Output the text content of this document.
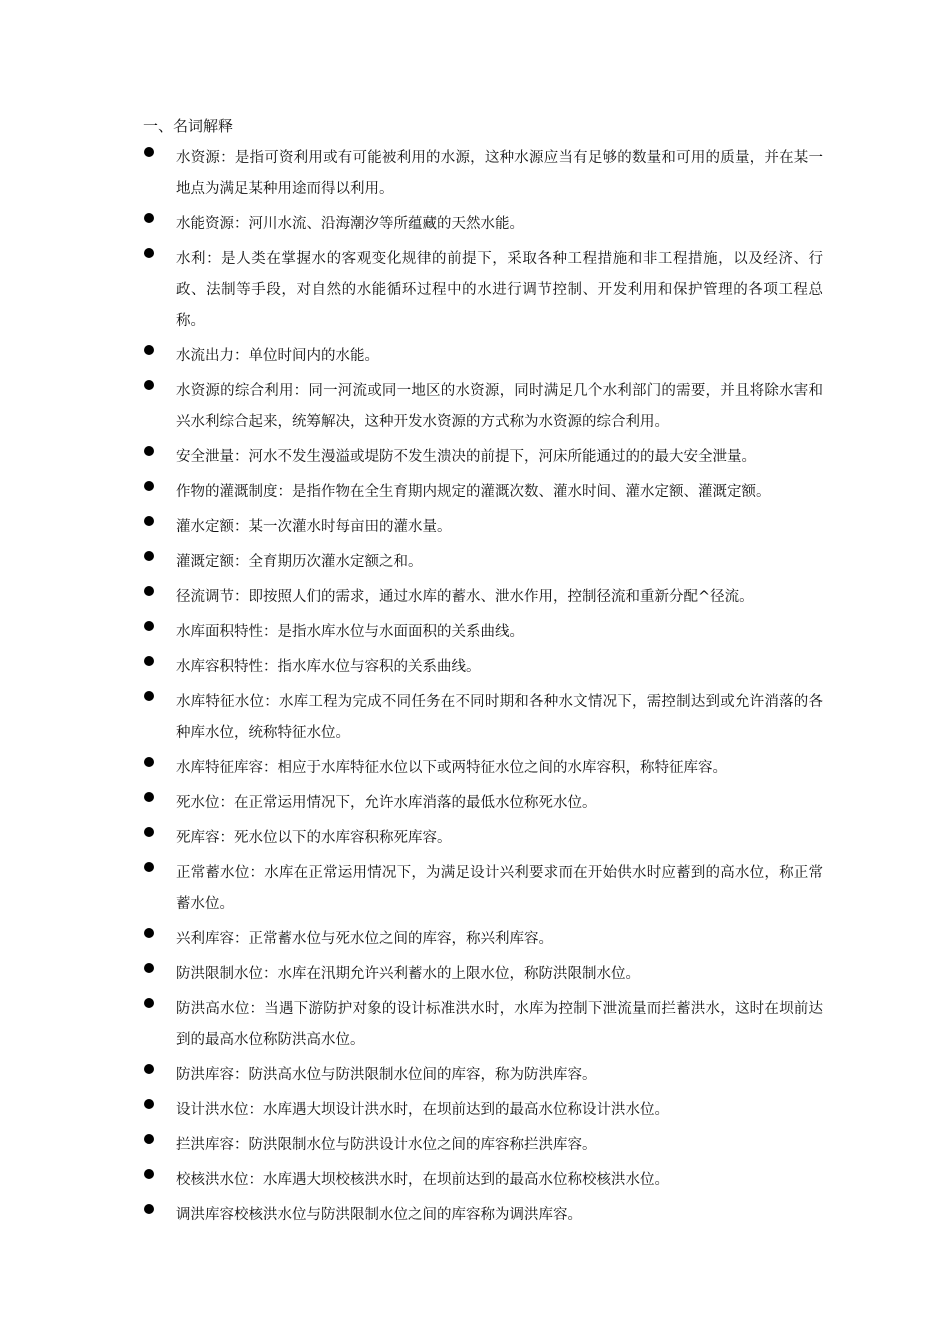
一、名词解释
水资源：是指可资利用或有可能被利用的水源，这种水源应当有足够的数量和可用的质量，并在某一地点为满足某种用途而得以利用。
水能资源：河川水流、沿海潮汐等所蕴藏的天然水能。
水利：是人类在掌握水的客观变化规律的前提下，采取各种工程措施和非工程措施，以及经济、行政、法制等手段，对自然的水能循环过程中的水进行调节控制、开发利用和保护管理的各项工程总称。
水流出力：单位时间内的水能。
水资源的综合利用：同一河流或同一地区的水资源，同时满足几个水利部门的需要，并且将除水害和兴水利综合起来，统筹解决，这种开发水资源的方式称为水资源的综合利用。
安全泄量：河水不发生漫溢或堤防不发生溃决的前提下，河床所能通过的的最大安全泄量。
作物的灌溉制度：是指作物在全生育期内规定的灌溉次数、灌水时间、灌水定额、灌溉定额。
灌水定额：某一次灌水时每亩田的灌水量。
灌溉定额：全育期历次灌水定额之和。
径流调节：即按照人们的需求，通过水库的蓄水、泄水作用，控制径流和重新分配^径流。
水库面积特性：是指水库水位与水面面积的关系曲线。
水库容积特性：指水库水位与容积的关系曲线。
水库特征水位：水库工程为完成不同任务在不同时期和各种水文情况下，需控制达到或允许消落的各种库水位，统称特征水位。
水库特征库容：相应于水库特征水位以下或两特征水位之间的水库容积，称特征库容。
死水位：在正常运用情况下，允许水库消落的最低水位称死水位。
死库容：死水位以下的水库容积称死库容。
正常蓄水位：水库在正常运用情况下，为满足设计兴利要求而在开始供水时应蓄到的高水位，称正常蓄水位。
兴利库容：正常蓄水位与死水位之间的库容，称兴利库容。
防洪限制水位：水库在汛期允许兴利蓄水的上限水位，称防洪限制水位。
防洪高水位：当遇下游防护对象的设计标准洪水时，水库为控制下泄流量而拦蓄洪水，这时在坝前达到的最高水位称防洪高水位。
防洪库容：防洪高水位与防洪限制水位间的库容，称为防洪库容。
设计洪水位：水库遇大坝设计洪水时，在坝前达到的最高水位称设计洪水位。
拦洪库容：防洪限制水位与防洪设计水位之间的库容称拦洪库容。
校核洪水位：水库遇大坝校核洪水时，在坝前达到的最高水位称校核洪水位。
调洪库容校核洪水位与防洪限制水位之间的库容称为调洪库容。
